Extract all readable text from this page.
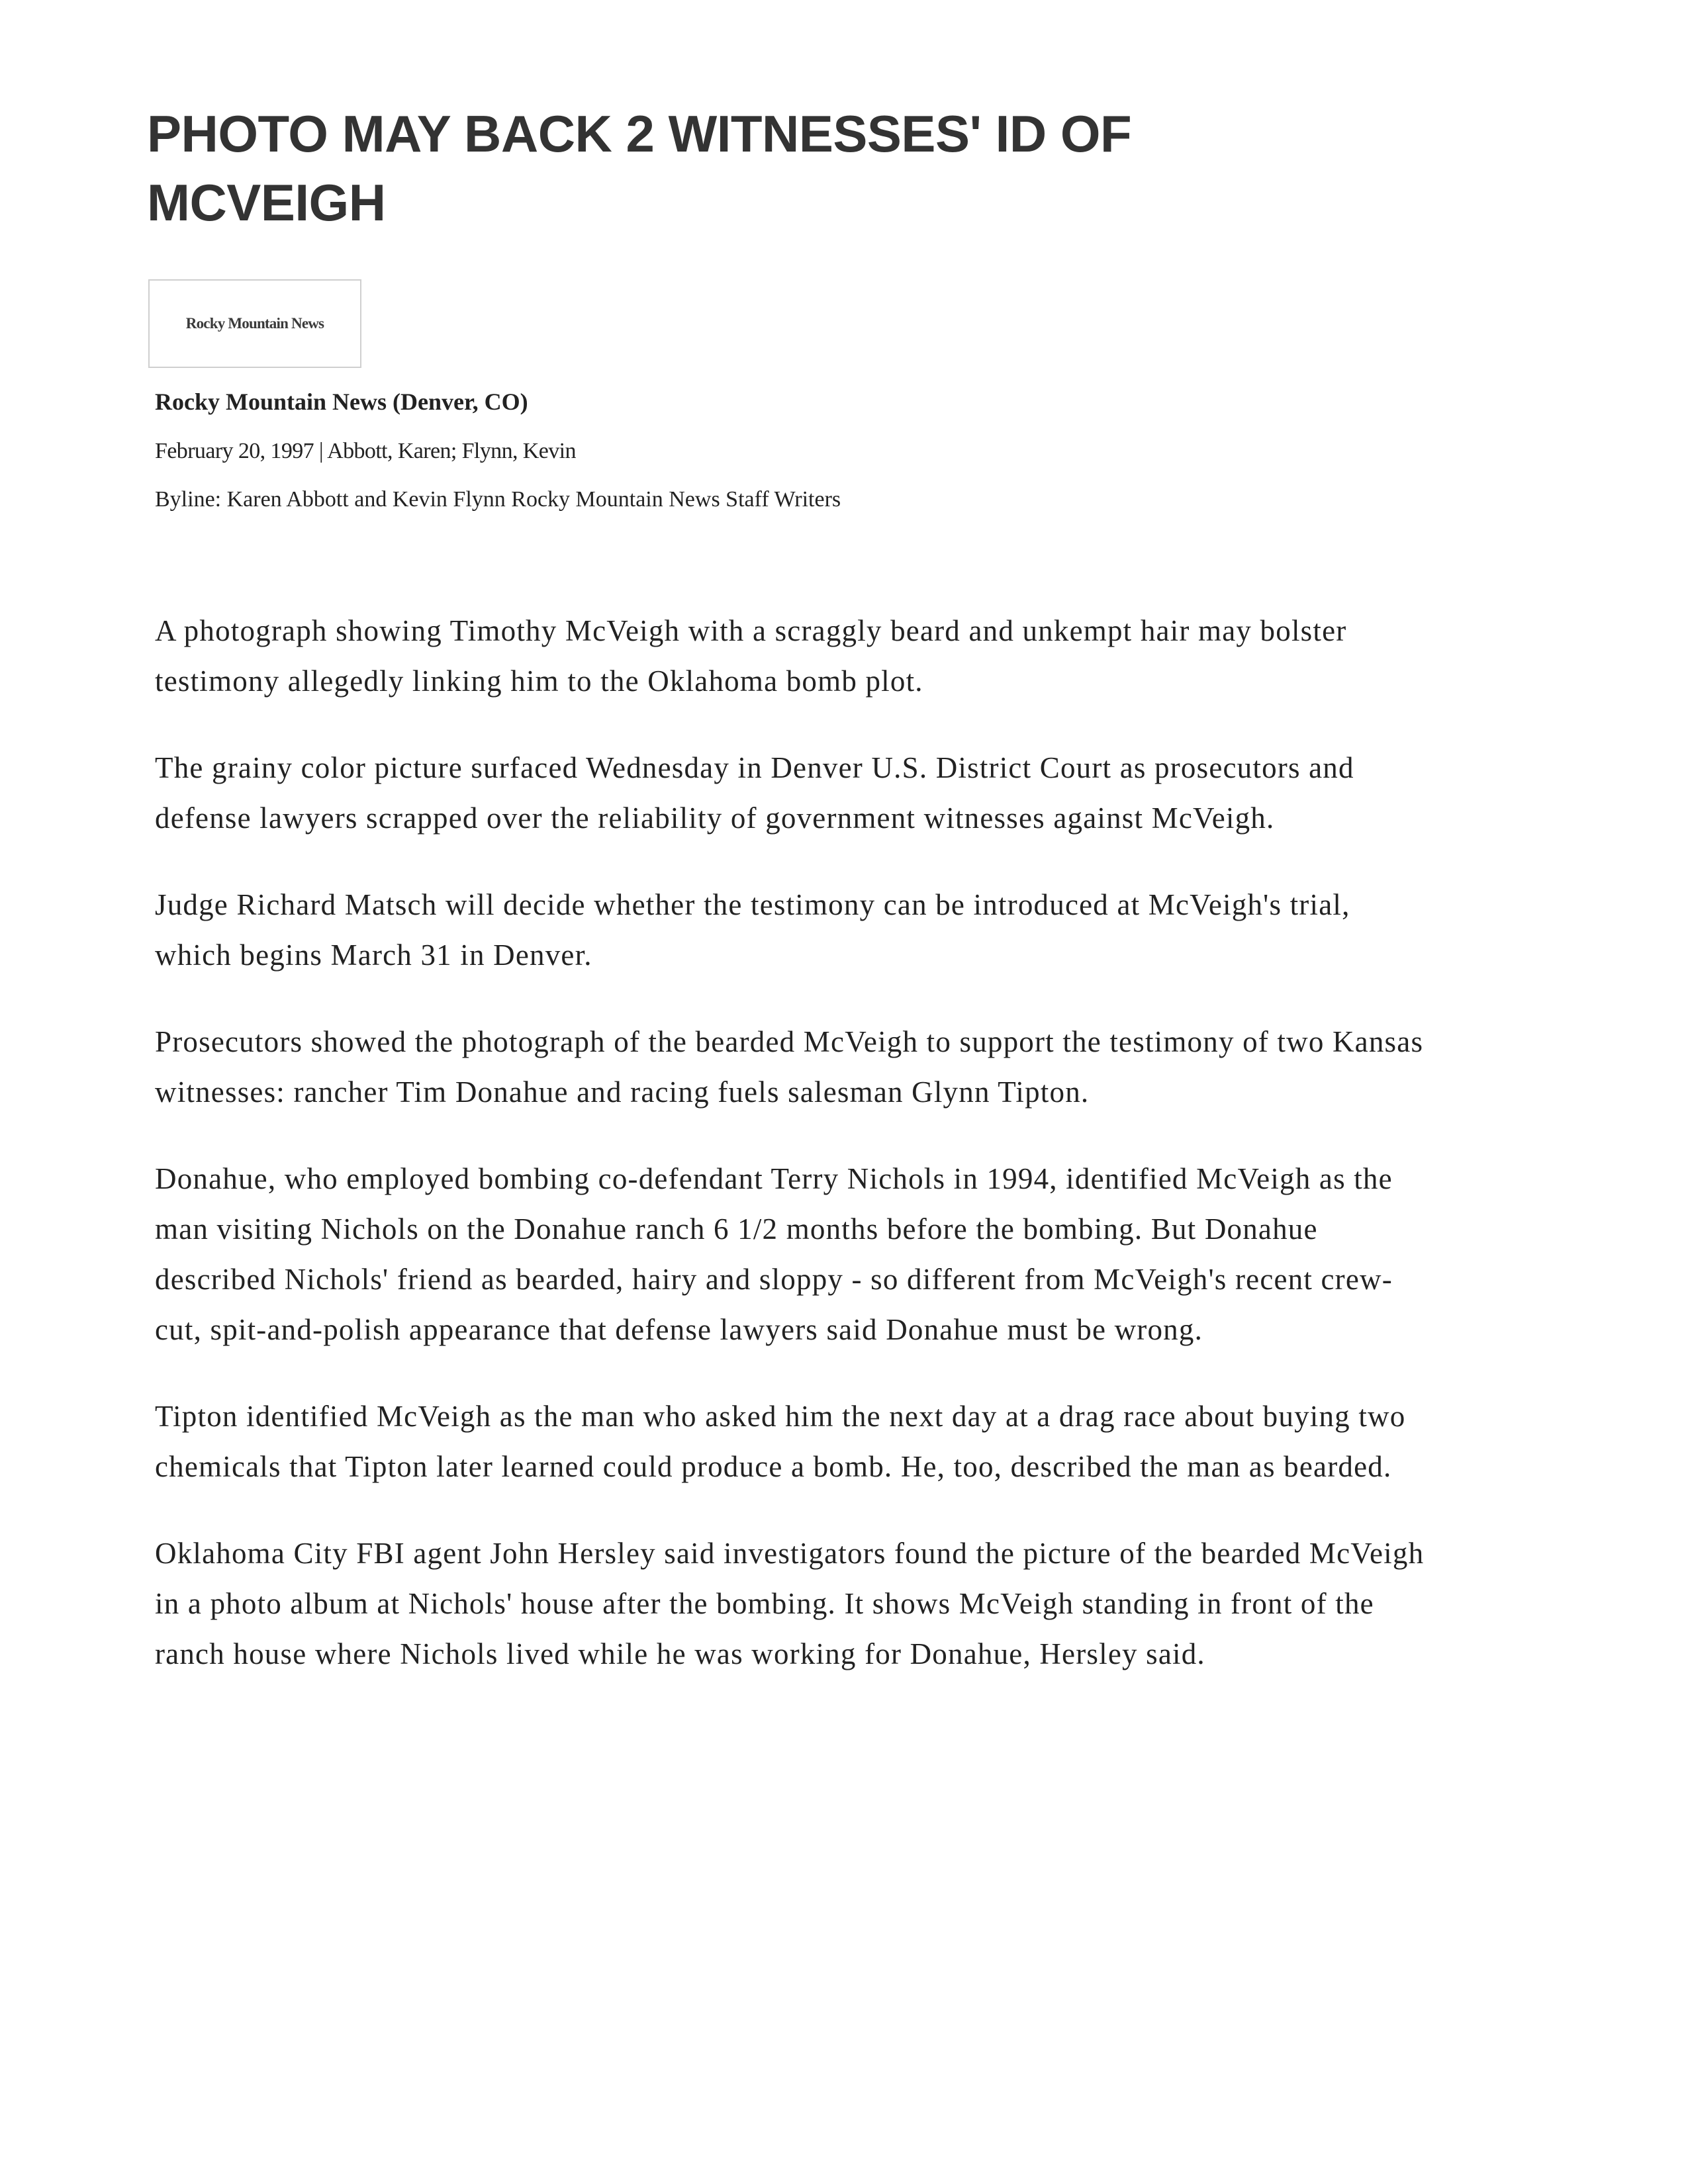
PHOTO MAY BACK 2 WITNESSES' ID OF MCVEIGH
Rocky Mountain News

Rocky Mountain News (Denver, CO)

February 20, 1997 | Abbott, Karen; Flynn, Kevin

Byline: Karen Abbott and Kevin Flynn Rocky Mountain News Staff Writers

A photograph showing Timothy McVeigh with a scraggly beard and unkempt hair may bolster testimony allegedly linking him to the Oklahoma bomb plot.

The grainy color picture surfaced Wednesday in Denver U.S. District Court as prosecutors and defense lawyers scrapped over the reliability of government witnesses against McVeigh.

Judge Richard Matsch will decide whether the testimony can be introduced at McVeigh's trial, which begins March 31 in Denver.

Prosecutors showed the photograph of the bearded McVeigh to support the testimony of two Kansas witnesses: rancher Tim Donahue and racing fuels salesman Glynn Tipton.

Donahue, who employed bombing co-defendant Terry Nichols in 1994, identified McVeigh as the man visiting Nichols on the Donahue ranch 6 1/2 months before the bombing. But Donahue described Nichols' friend as bearded, hairy and sloppy - so different from McVeigh's recent crew-cut, spit-and-polish appearance that defense lawyers said Donahue must be wrong.

Tipton identified McVeigh as the man who asked him the next day at a drag race about buying two chemicals that Tipton later learned could produce a bomb. He, too, described the man as bearded.

Oklahoma City FBI agent John Hersley said investigators found the picture of the bearded McVeigh in a photo album at Nichols' house after the bombing. It shows McVeigh standing in front of the ranch house where Nichols lived while he was working for Donahue, Hersley said.
